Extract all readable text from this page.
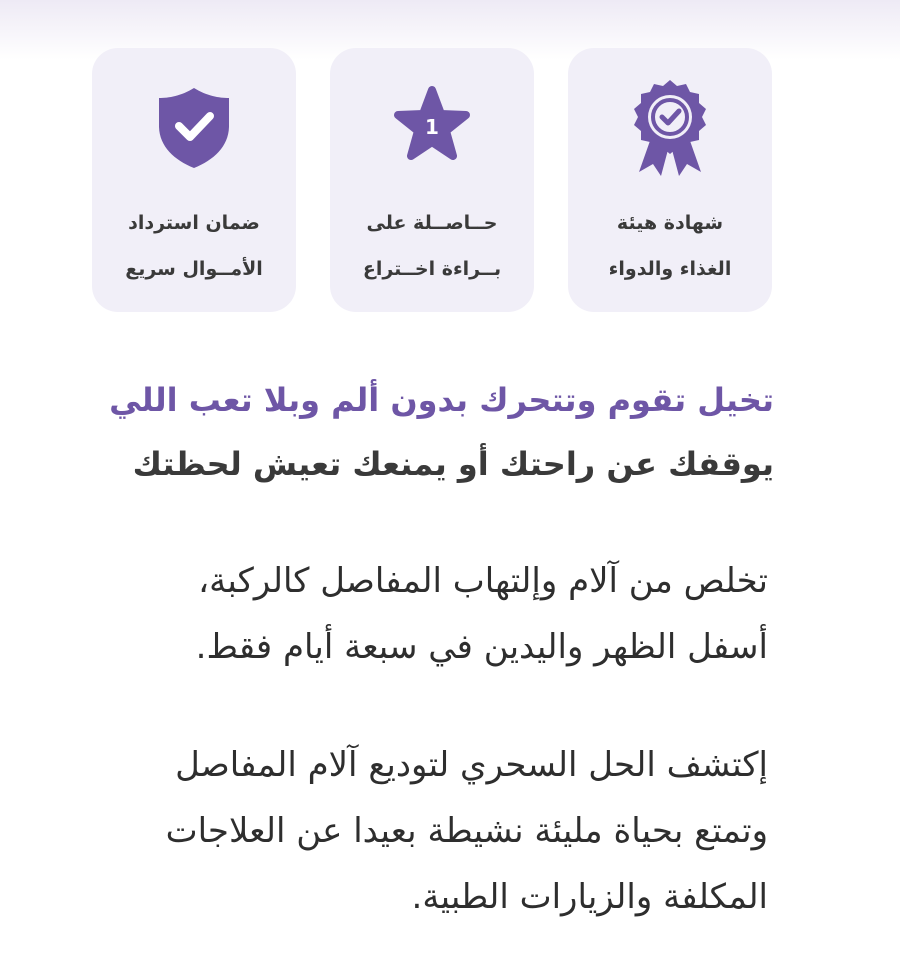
شهادة هيئة
الغذاء والدواء
1
حــاصــلة على
بــراءة اخــتراع
ضمان استرداد
الأمــوال سريع
تخيل تقوم وتتحرك بدون ألم وبلا تعب اللي
يوقفك عن راحتك أو يمنعك تعيش لحظتك
تخلص من آلام وإلتهاب المفاصل كالركبة،
أسفل الظهر واليدين في سبعة أيام فقط.
إكتشف الحل السحري لتوديع آلام المفاصل
وتمتع بحياة مليئة نشيطة بعيدا عن العلاجات
المكلفة والزيارات الطبية.
